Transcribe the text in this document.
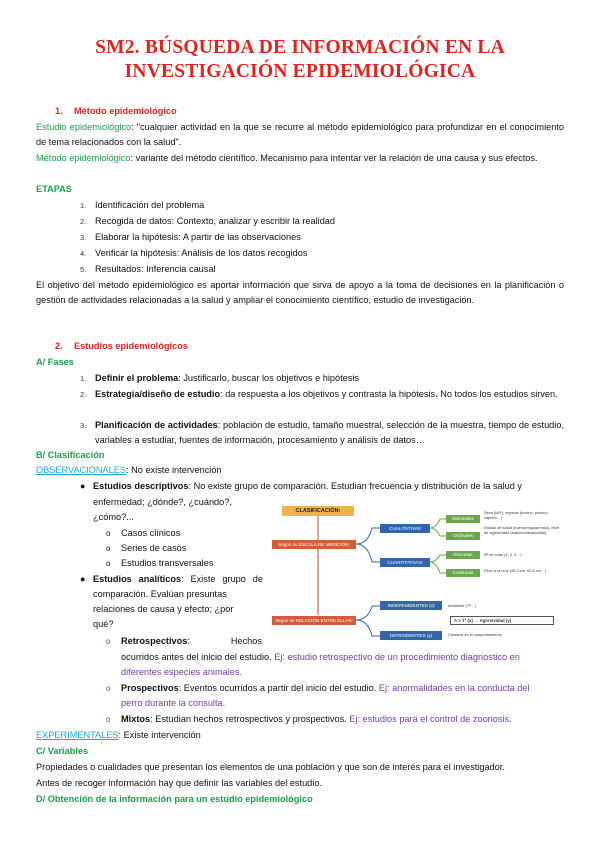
SM2. BÚSQUEDA DE INFORMACIÓN EN LA
INVESTIGACIÓN EPIDEMIOLÓGICA
1. Método epidemiológico
Estudio epidemiológico: "cualquier actividad en la que se recurre al método epidemiológico para profundizar en el conocimiento de tema relacionados con la salud".
Método epidemiológico: variante del método científico. Mecanismo para intentar ver la relación de una causa y sus efectos.
ETAPAS
1. Identificación del problema
2. Recogida de datos: Contexto, analizar y escribir la realidad
3. Elaborar la hipótesis: A partir de las observaciones
4. Verificar la hipótesis: Análisis de los datos recogidos
5. Resultados: Inferencia causal
El objetivo del método epidemiológico es aportar información que sirva de apoyo a la toma de decisiones en la planificación o gestión de actividades relacionadas a la salud y ampliar el conocimiento científico, estudio de investigación.
2. Estudios epidemiológicos
A/ Fases
1. Definir el problema: Justificarlo, buscar los objetivos e hipótesis
2. Estrategia/diseño de estudio: da respuesta a los objetivos y contrasta la hipótesis. No todos los estudios sirven.
3. Planificación de actividades: población de estudio, tamaño muestral, selección de la muestra, tiempo de estudio, variables a estudiar, fuentes de información, procesamiento y análisis de datos…
B/ Clasificación
OBSERVACIONALES: No existe intervención
● Estudios descriptivos: No existe grupo de comparación. Estudian frecuencia y distribución de la salud y
enfermedad; ¿dónde?, ¿cuándo?,
¿cómo?...
o Casos clínicos
o Series de casos
o Estudios transversales
● Estudios analíticos: Existe grupo de
comparación. Evalúan presuntas
relaciones de causa y efecto; ¿por
qué?
o Retrospectivos:	Hechos
ocurridos antes del inicio del estudio. Ej: estudio retrospectivo de un procedimiento diagnostico en
diferentes especies animales.
o Prospectivos: Eventos ocurridos a partir del inicio del estudio. Ej: anormalidades en la conducta del
perro durante la consulta.
o Mixtos: Estudian hechos retrospectivos y prospectivos. Ej: estudios para el control de zoonosis.
EXPERIMENTALES: Existe intervención
C/ Variables
Propiedades o cualidades que presentan los elementos de una población y que son de interés para el investigador.
Antes de recoger información hay que definir las variables del estudio.
D/ Obtención de la información para un estudio epidemiológico
CLASIFICACIÓN:
Según su ESCALA DE MEDICIÓN:
Según su RELACIÓN ENTRE ELLAS:
CUALITATIVAS
CUANTITATIVAS
Nominales
Ordinales
Discretas
Continuas
INDEPENDIENTES (x)
DEPENDIENTES (y)
Sexo (M/F), especie (bovino, porcino, caprino…)
Estado de salud (bueno/regular/malo), nivel de agresividad (bajo/moderado/alto)
Nº de crías (1, 2, 3…)
Peso a la cruz (45,3 cm, 62,8 cm…)
Ambiente (Tª…)
A > Tª (x) → Agresividad (y)
Cambios en el comportamiento
